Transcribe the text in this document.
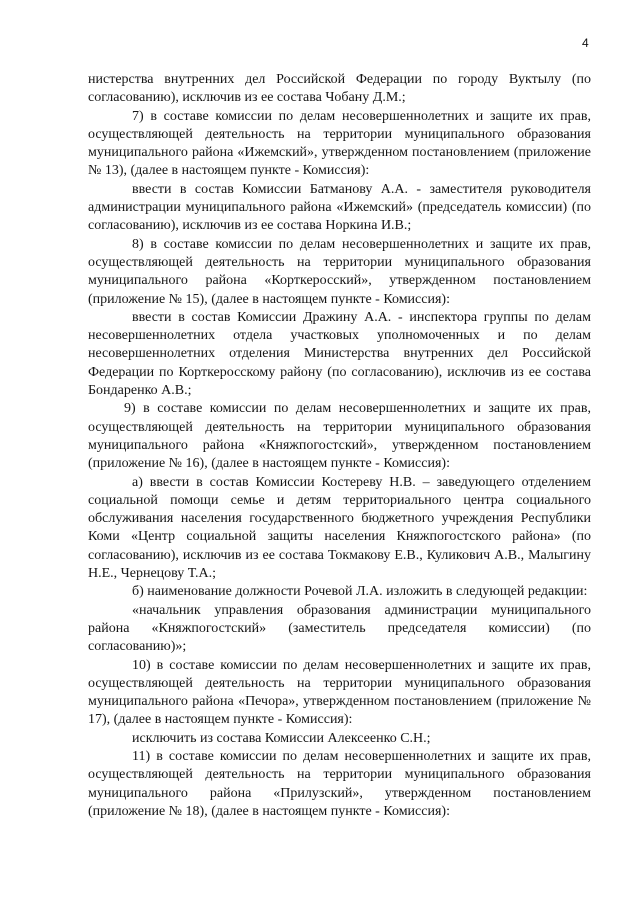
4

нистерства внутренних дел Российской Федерации по городу Вуктылу (по согласованию), исключив из ее состава Чобану Д.М.;

7) в составе комиссии по делам несовершеннолетних и защите их прав, осуществляющей деятельность на территории муниципального образования муниципального района «Ижемский», утвержденном постановлением (приложение № 13), (далее в настоящем пункте - Комиссия):

ввести в состав Комиссии Батманову А.А. - заместителя руководителя администрации муниципального района «Ижемский» (председатель комиссии) (по согласованию), исключив из ее состава Норкина И.В.;

8) в составе комиссии по делам несовершеннолетних и защите их прав, осуществляющей деятельность на территории муниципального образования муниципального района «Корткеросский», утвержденном постановлением (приложение № 15), (далее в настоящем пункте - Комиссия):

ввести в состав Комиссии Дражину А.А. - инспектора группы по делам несовершеннолетних отдела участковых уполномоченных и по делам несовершеннолетних отделения Министерства внутренних дел Российской Федерации по Корткеросскому району (по согласованию), исключив из ее состава Бондаренко А.В.;

9) в составе комиссии по делам несовершеннолетних и защите их прав, осуществляющей деятельность на территории муниципального образования муниципального района «Княжпогостский», утвержденном постановлением (приложение № 16), (далее в настоящем пункте - Комиссия):

а) ввести в состав Комиссии Костереву Н.В. – заведующего отделением социальной помощи семье и детям территориального центра социального обслуживания населения государственного бюджетного учреждения Республики Коми «Центр социальной защиты населения Княжпогостского района» (по согласованию), исключив из ее состава Токмакову Е.В., Куликович А.В., Малыгину Н.Е., Чернецову Т.А.;

б) наименование должности Рочевой Л.А. изложить в следующей редакции:

«начальник управления образования администрации муниципального района «Княжпогостский» (заместитель председателя комиссии) (по согласованию)»;

10) в составе комиссии по делам несовершеннолетних и защите их прав, осуществляющей деятельность на территории муниципального образования муниципального района «Печора», утвержденном постановлением (приложение № 17), (далее в настоящем пункте - Комиссия):

исключить из состава Комиссии Алексеенко С.Н.;

11) в составе комиссии по делам несовершеннолетних и защите их прав, осуществляющей деятельность на территории муниципального образования муниципального района «Прилузский», утвержденном постановлением (приложение № 18), (далее в настоящем пункте - Комиссия):
